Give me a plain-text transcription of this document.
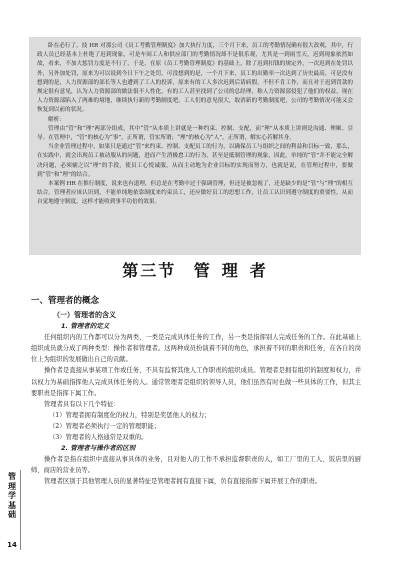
卧在必行了，技 HR 对那公司《员工考勤管理制度》加大执行力度，三个月下来，员工的考勤情况确有很大改观，其中，行政人员已经基本上杜绝了迟到现象，可是车间工人和供应部门的考勤情况却不是很乐观，尤其是一到雨雪天，迟到现象依然如故，看来，不加大惩罚力度是不行了，于是，在原《员工考勤管理制度》的基础上，除了迟到扣钱的规定外，一次迟到在处罚以外，另外加处罚，原来为可以说到今日下午之处罚，可没想到的是，一个月下来，员工的出勤率一次达到了历史最高，可是没有想到的是，人力资源部的部长等人也遭到了工人的投诉，原来有的工人多次迟到后请病假，不但不肯工作，而且对于迟到罚款的规定很有意见，认为人力资源部的做法很不人性化，有的工人甚至找到了公司的总经理，称人力资源部侵犯了他们的权益，现在人力资源部陷入了两难的境地，继续执行新的考勤制度吧，工人们的意见很大，取消新的考勤制度吧，公司的考勤情况可能又会恢复到以前的状况。

解析：

管理由“管”和“理”两部分组成，其中“管”从本质上讲就是一种约束、控制、支配，而“理”从本质上讲则是沟通、理顺、引导。在管理中，“管”的核心为“事”，正所谓，管实所谓；“理”的核心为“人”，正所谓，解实心若解其身。

当企业管理过程中，如果只是通过“管”来约束、控制、支配员工的行为，以确保员工与组织之间的利益和目标一致，那么，在实践中，就会出现员工被动服从的问题，进而产生消极怠工的行为，甚至是抵制管理的现象，因此，单纯的“管”并不能完全解决问题，必须辅之以“理”的手段，使员工心悦诚服，从而主动地为企业目标的实现而努力，也就是说，在管理过程中，要做到“管”和“理”的结合。

本案例 HR 在推行制度，说来也有道理，但总是在考勤中过于强调管理，但还是被忽视了，还是缺少的是“管”与“理”的相互结合。管理者应该认识到，不能单纯地依靠制度来约束员工，还应做好员工的思想工作，让员工认识到遵守制度的重要性，从而自觉地遵守制度，这样才能收到事半功倍的效果。

第三节 管理者
一、管理者的概念

（一）管理者的含义

1. 管理者的定义

任何组织内的工作都可以分为两类，一类是完成具体任务的工作，另一类是指挥别人完成任务的工作。在此基础上组织成员就分成了两种类型：操作者和管理者。这两种成员扮演着不同的角色，承担着不同的职责和任务，在各自的岗位上为组织的发展做出自己的贡献。

操作者是直接从事某项工作或任务，不具有监督其他人工作职责的组织成员。管理者是拥有组织的制度和权力，并以权力为基础指挥他人完成具体任务的人。通常管理者是组织的领导人员，他们虽然有时也做一些具体的工作，但其主要职责是指挥下属工作。

管理者具有以下几个特征：

（1）管理者拥有制度化的权力，特别是奖惩他人的权力；

（2）管理者必须执行一定的管理职能；

（3）管理者的人格通常是双重的。

2. 管理者与操作者的区别

操作者是指在组织中直接从事具体的业务，且对他人的工作不承担监督职责的人，如工厂里的工人、饭店里的厨师、商店的营业员等。

管理者区别于其他管理人员的显著特征是管理者拥有直接下属，负有直接指挥下属开展工作的职责。

管
理
学
基
础
14
